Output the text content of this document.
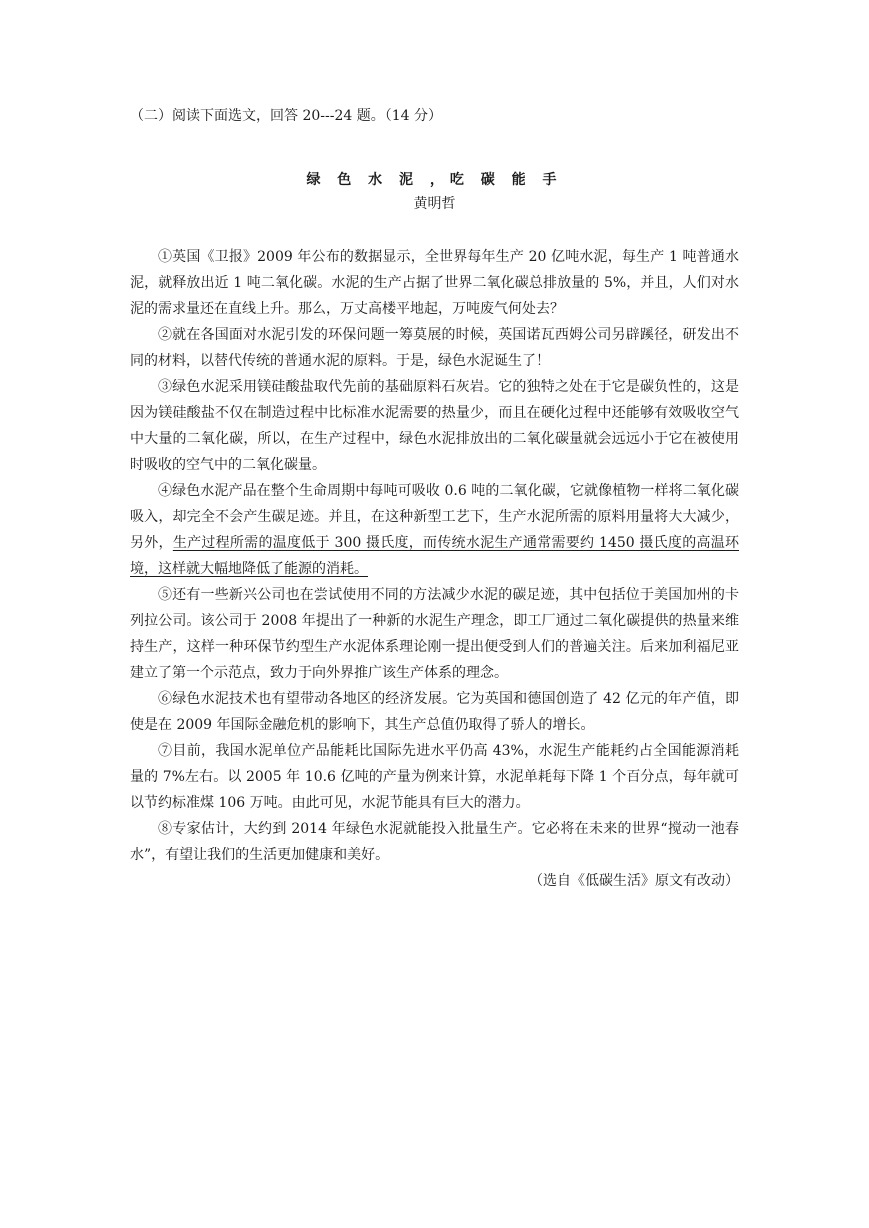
（二）阅读下面选文，回答 20---24 题。（14 分）

绿 色 水 泥 ，吃 碳 能 手

黄明哲

①英国《卫报》2009 年公布的数据显示，全世界每年生产 20 亿吨水泥，每生产 1 吨普通水泥，就释放出近 1 吨二氧化碳。水泥的生产占据了世界二氧化碳总排放量的 5%，并且，人们对水泥的需求量还在直线上升。那么，万丈高楼平地起，万吨废气何处去？

②就在各国面对水泥引发的环保问题一筹莫展的时候，英国诺瓦西姆公司另辟蹊径，研发出不同的材料，以替代传统的普通水泥的原料。于是，绿色水泥诞生了！

③绿色水泥采用镁硅酸盐取代先前的基础原料石灰岩。它的独特之处在于它是碳负性的，这是因为镁硅酸盐不仅在制造过程中比标准水泥需要的热量少，而且在硬化过程中还能够有效吸收空气中大量的二氧化碳，所以，在生产过程中，绿色水泥排放出的二氧化碳量就会远远小于它在被使用时吸收的空气中的二氧化碳量。

④绿色水泥产品在整个生命周期中每吨可吸收 0.6 吨的二氧化碳，它就像植物一样将二氧化碳吸入，却完全不会产生碳足迹。并且，在这种新型工艺下，生产水泥所需的原料用量将大大减少，另外，生产过程所需的温度低于 300 摄氏度，而传统水泥生产通常需要约 1450 摄氏度的高温环境，这样就大幅地降低了能源的消耗。

⑤还有一些新兴公司也在尝试使用不同的方法减少水泥的碳足迹，其中包括位于美国加州的卡列拉公司。该公司于 2008 年提出了一种新的水泥生产理念，即工厂通过二氧化碳提供的热量来维持生产，这样一种环保节约型生产水泥体系理论刚一提出便受到人们的普遍关注。后来加利福尼亚建立了第一个示范点，致力于向外界推广该生产体系的理念。

⑥绿色水泥技术也有望带动各地区的经济发展。它为英国和德国创造了 42 亿元的年产值，即使是在 2009 年国际金融危机的影响下，其生产总值仍取得了骄人的增长。

⑦目前，我国水泥单位产品能耗比国际先进水平仍高 43%，水泥生产能耗约占全国能源消耗量的 7%左右。以 2005 年 10.6 亿吨的产量为例来计算，水泥单耗每下降 1 个百分点，每年就可以节约标准煤 106 万吨。由此可见，水泥节能具有巨大的潜力。

⑧专家估计，大约到 2014 年绿色水泥就能投入批量生产。它必将在未来的世界“搅动一池春水”，有望让我们的生活更加健康和美好。

（选自《低碳生活》原文有改动）
